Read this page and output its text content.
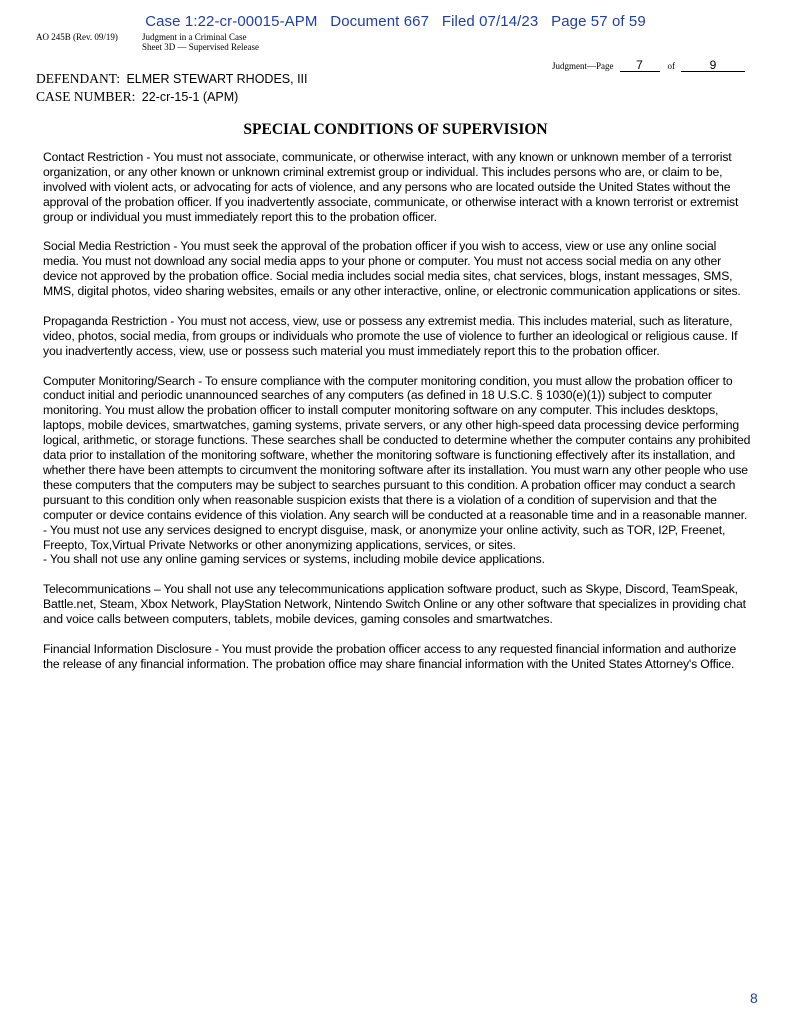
Case 1:22-cr-00015-APM   Document 667   Filed 07/14/23   Page 57 of 59
AO 245B (Rev. 09/19)	Judgment in a Criminal Case
Sheet 3D — Supervised Release
Judgment—Page 7	of	9
DEFENDANT: ELMER STEWART RHODES, III
CASE NUMBER: 22-cr-15-1 (APM)
SPECIAL CONDITIONS OF SUPERVISION

Contact Restriction - You must not associate, communicate, or otherwise interact, with any known or unknown member of a terrorist organization, or any other known or unknown criminal extremist group or individual. This includes persons who are, or claim to be, involved with violent acts, or advocating for acts of violence, and any persons who are located outside the United States without the approval of the probation officer. If you inadvertently associate, communicate, or otherwise interact with a known terrorist or extremist group or individual you must immediately report this to the probation officer.

Social Media Restriction - You must seek the approval of the probation officer if you wish to access, view or use any online social media. You must not download any social media apps to your phone or computer. You must not access social media on any other device not approved by the probation office. Social media includes social media sites, chat services, blogs, instant messages, SMS, MMS, digital photos, video sharing websites, emails or any other interactive, online, or electronic communication applications or sites.

Propaganda Restriction - You must not access, view, use or possess any extremist media. This includes material, such as literature, video, photos, social media, from groups or individuals who promote the use of violence to further an ideological or religious cause. If you inadvertently access, view, use or possess such material you must immediately report this to the probation officer.

Computer Monitoring/Search - To ensure compliance with the computer monitoring condition, you must allow the probation officer to conduct initial and periodic unannounced searches of any computers (as defined in 18 U.S.C. § 1030(e)(1)) subject to computer monitoring. You must allow the probation officer to install computer monitoring software on any computer. This includes desktops, laptops, mobile devices, smartwatches, gaming systems, private servers, or any other high-speed data processing device performing logical, arithmetic, or storage functions. These searches shall be conducted to determine whether the computer contains any prohibited data prior to installation of the monitoring software, whether the monitoring software is functioning effectively after its installation, and whether there have been attempts to circumvent the monitoring software after its installation. You must warn any other people who use these computers that the computers may be subject to searches pursuant to this condition. A probation officer may conduct a search pursuant to this condition only when reasonable suspicion exists that there is a violation of a condition of supervision and that the computer or device contains evidence of this violation. Any search will be conducted at a reasonable time and in a reasonable manner.
- You must not use any services designed to encrypt disguise, mask, or anonymize your online activity, such as TOR, I2P, Freenet, Freepto, Tox,Virtual Private Networks or other anonymizing applications, services, or sites.
- You shall not use any online gaming services or systems, including mobile device applications.

Telecommunications – You shall not use any telecommunications application software product, such as Skype, Discord, TeamSpeak, Battle.net, Steam, Xbox Network, PlayStation Network, Nintendo Switch Online or any other software that specializes in providing chat and voice calls between computers, tablets, mobile devices, gaming consoles and smartwatches.

Financial Information Disclosure - You must provide the probation officer access to any requested financial information and authorize the release of any financial information. The probation office may share financial information with the United States Attorney's Office.

8
